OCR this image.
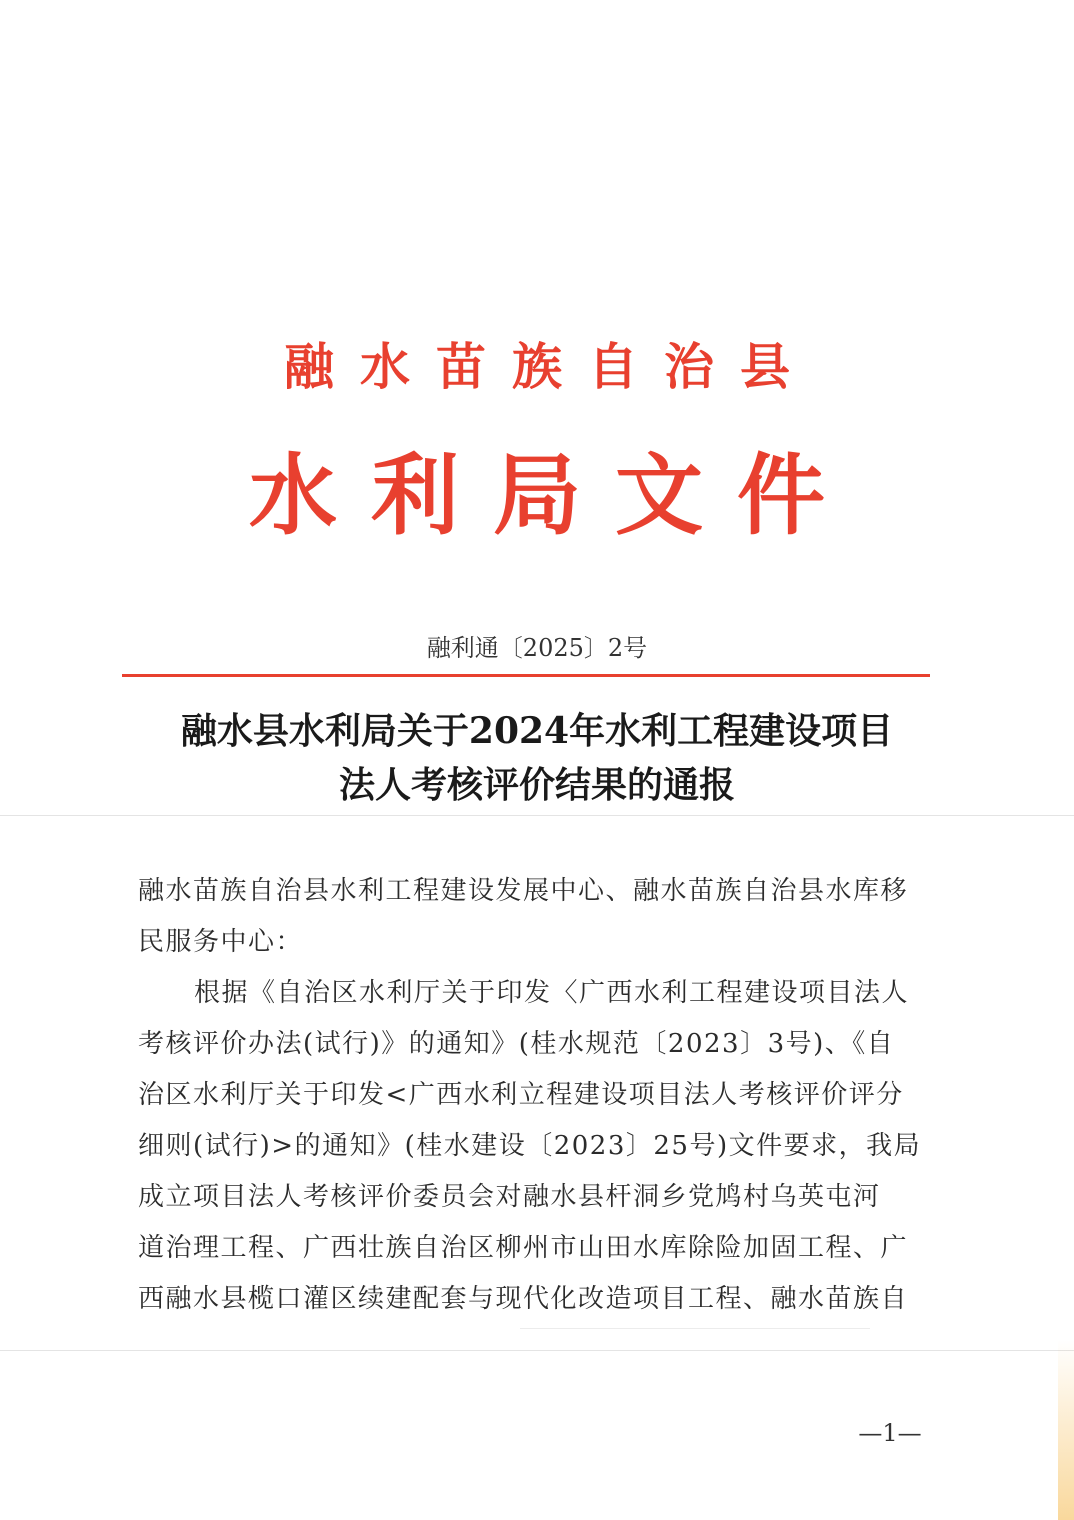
融水苗族自治县
水利局文件
融利通〔2025〕2号
融水县水利局关于2024年水利工程建设项目
法人考核评价结果的通报
融水苗族自治县水利工程建设发展中心、融水苗族自治县水库移
民服务中心：
根据《自治区水利厅关于印发〈广西水利工程建设项目法人
考核评价办法(试行)》的通知》(桂水规范〔2023〕3号)、《自
治区水利厅关于印发<广西水利立程建设项目法人考核评价评分
细则(试行)>的通知》(桂水建设〔2023〕25号)文件要求，我局
成立项目法人考核评价委员会对融水县杆洞乡党鸠村乌英屯河
道治理工程、广西壮族自治区柳州市山田水库除险加固工程、广
西融水县榄口灌区续建配套与现代化改造项目工程、融水苗族自
—1—
